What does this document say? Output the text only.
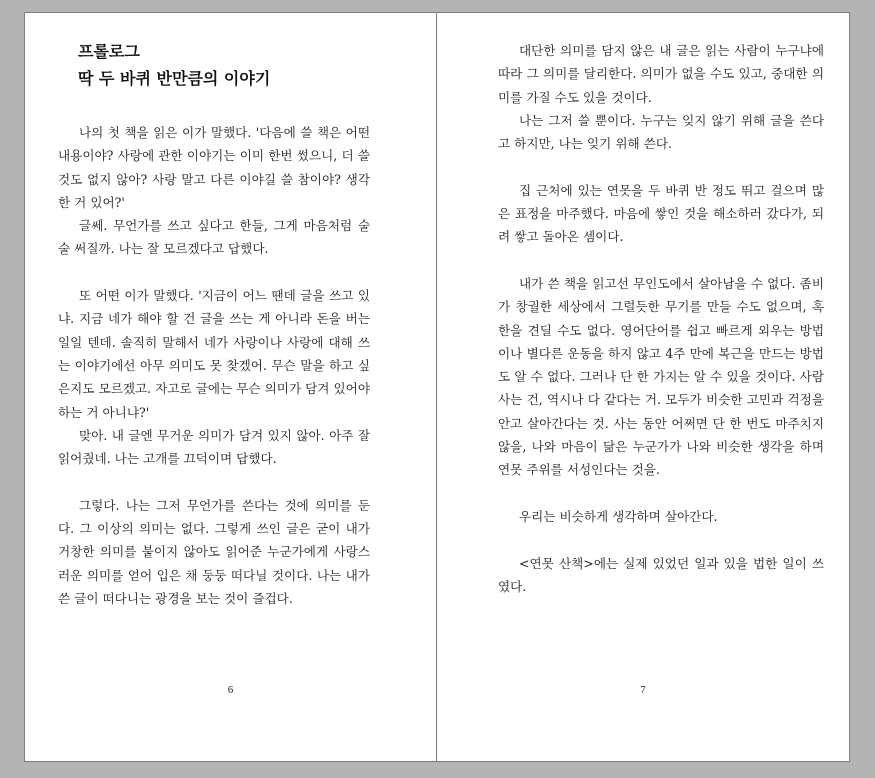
프롤로그
딱 두 바퀴 반만큼의 이야기

나의 첫 책을 읽은 이가 말했다. '다음에 쓸 책은 어떤 내용이야? 사랑에 관한 이야기는 이미 한번 썼으니, 더 쓸 것도 없지 않아? 사랑 말고 다른 이야길 쓸 참이야? 생각한 거 있어?'

글쎄. 무언가를 쓰고 싶다고 한들, 그게 마음처럼 술술 써질까. 나는 잘 모르겠다고 답했다.

또 어떤 이가 말했다. '지금이 어느 땐데 글을 쓰고 있냐. 지금 네가 해야 할 건 글을 쓰는 게 아니라 돈을 버는 일일 텐데. 솔직히 말해서 네가 사랑이나 사랑에 대해 쓰는 이야기에선 아무 의미도 못 찾겠어. 무슨 말을 하고 싶은지도 모르겠고. 자고로 글에는 무슨 의미가 담겨 있어야 하는 거 아니냐?'

맞아. 내 글엔 무거운 의미가 담겨 있지 않아. 아주 잘 읽어줬네. 나는 고개를 끄덕이며 답했다.

그렇다. 나는 그저 무언가를 쓴다는 것에 의미를 둔다. 그 이상의 의미는 없다. 그렇게 쓰인 글은 굳이 내가 거창한 의미를 붙이지 않아도 읽어준 누군가에게 사랑스러운 의미를 얻어 입은 채 둥둥 떠다닐 것이다. 나는 내가 쓴 글이 떠다니는 광경을 보는 것이 즐겁다.

6

대단한 의미를 담지 않은 내 글은 읽는 사람이 누구냐에 따라 그 의미를 달리한다. 의미가 없을 수도 있고, 중대한 의미를 가질 수도 있을 것이다.

나는 그저 쓸 뿐이다. 누구는 잊지 않기 위해 글을 쓴다고 하지만, 나는 잊기 위해 쓴다.

집 근처에 있는 연못을 두 바퀴 반 정도 뛰고 걸으며 많은 표정을 마주했다. 마음에 쌓인 것을 해소하러 갔다가, 되려 쌓고 돌아온 셈이다.

내가 쓴 책을 읽고선 무인도에서 살아남을 수 없다. 좀비가 창궐한 세상에서 그럴듯한 무기를 만들 수도 없으며, 혹한을 견딜 수도 없다. 영어단어를 쉽고 빠르게 외우는 방법이나 별다른 운동을 하지 않고 4주 만에 복근을 만드는 방법도 알 수 없다. 그러나 단 한 가지는 알 수 있을 것이다. 사람 사는 건, 역시나 다 같다는 거. 모두가 비슷한 고민과 걱정을 안고 살아간다는 것. 사는 동안 어쩌면 단 한 번도 마주치지 않을, 나와 마음이 닮은 누군가가 나와 비슷한 생각을 하며 연못 주위를 서성인다는 것을.

우리는 비슷하게 생각하며 살아간다.

<연못 산책>에는 실제 있었던 일과 있을 법한 일이 쓰였다.

7
